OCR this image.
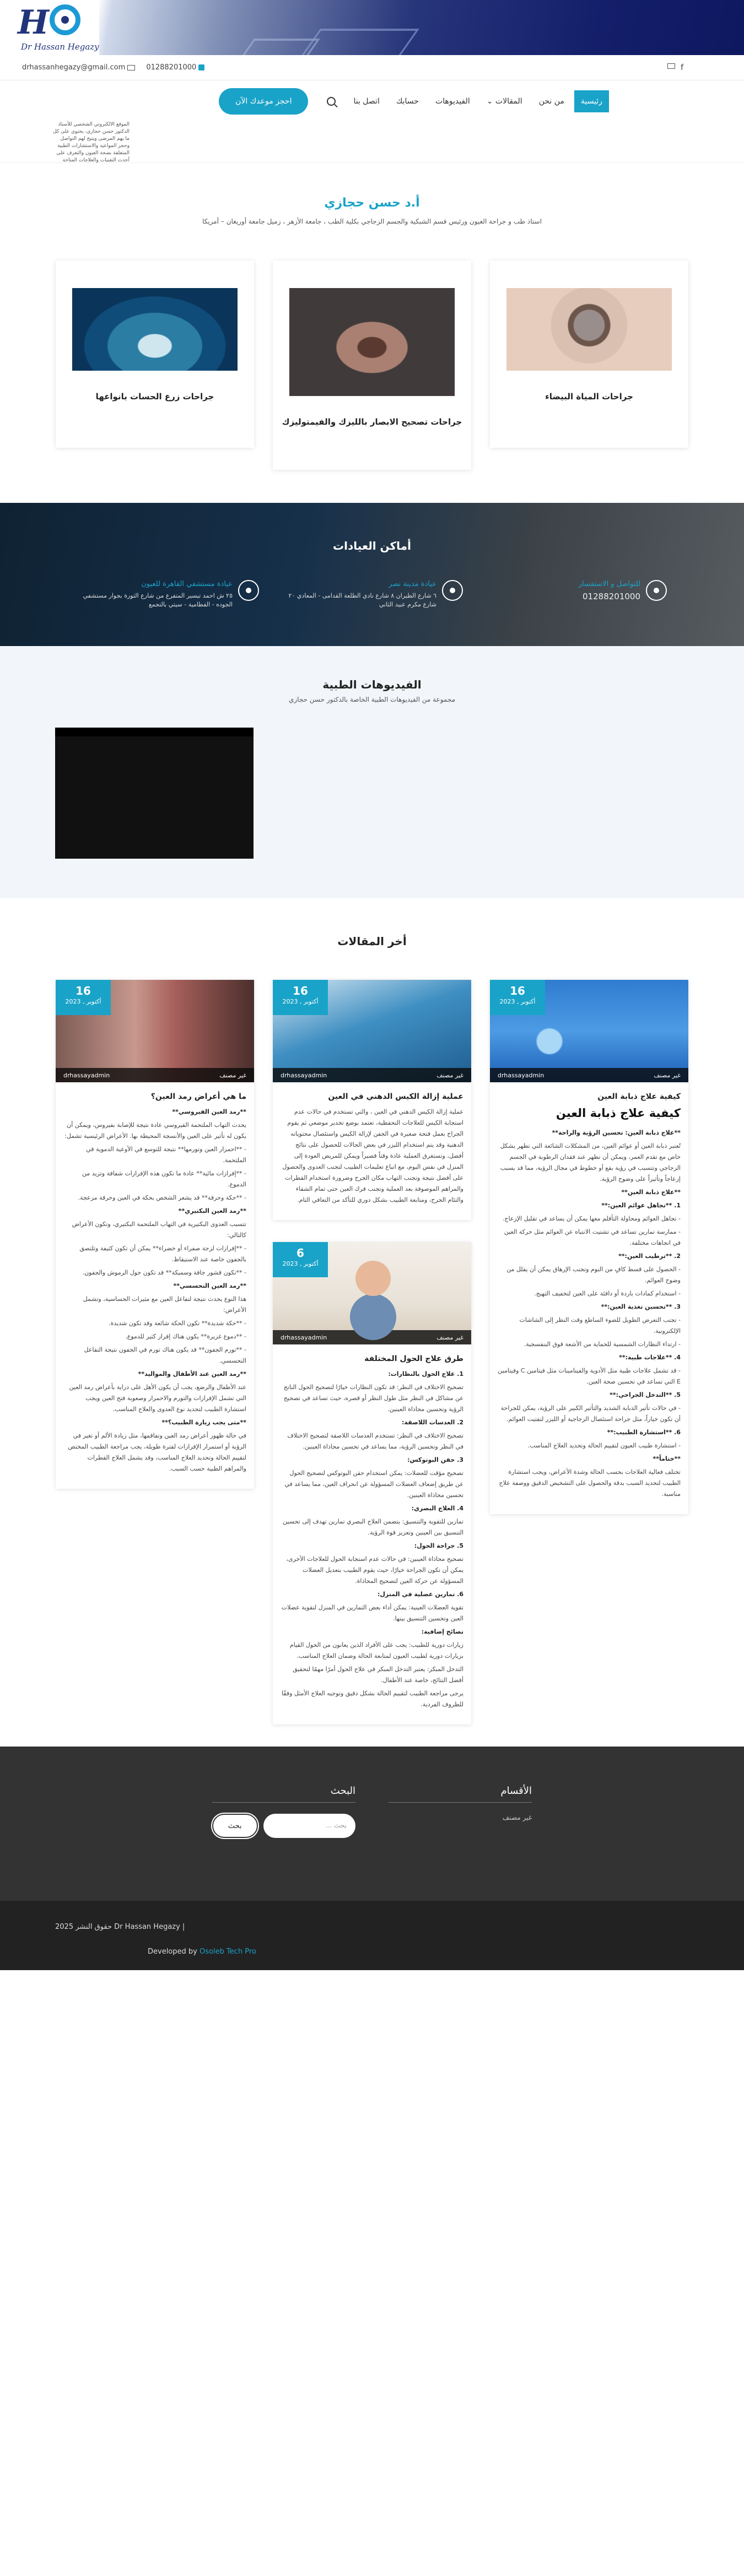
H
Dr Hassan Hegazy
drhassanhegazy@gmail.com	01288201000	f
رئيسية
من نحن
المقالات ⌄
الفيديوهات
حسابك
اتصل بنا
احجز موعدك الآن
الموقع الالكتروني الشخصي للأستاذ الدكتور حسن حجازي، يحتوي على كل ما يهم المرضى ويتيح لهم التواصل وحجز المواعيد والاستشارات الطبية المتعلقة بصحة العيون والتعرف على أحدث التقنيات والعلاجات المتاحة
أ.د حسن حجازي

استاذ طب و جراحة العيون ورئيس قسم الشبكية والجسم الزجاجي بكلية الطب ، جامعة الأزهر ، زميل جامعة أوريغان – أمريكا

جراحات المياة البيضاء
جراحات تصحيح الابصار بالليزك والفيمتوليزك
جراحات زرع الحسات بانواعها
أماكن العيادات
للتواصل و الاستفسار
01288201000
عيادة مدينة نصر
٦ شارع الطيران ٨ شارع نادي الطلعة القدامى - المعادي ٢٠ شارع مكرم عبيد الثاني
عيادة مستشفي القاهرة للعيون
٢٥ ش احمد تيسير المتفرع من شارع الثورة بجوار مستشفي الجوده - القطامية - سيتي بالتجمع
الفيديوهات الطبية

مجموعة من الفيديوهات الطبية الخاصة بالدكتور حسن حجازي

أخر المقالات
16
أكتوبر , 2023
غير مصنف
drhassayadmin
كيفية علاج ذبابة العين
كيفية علاج ذبابة العين

**علاج ذبابة العين: تحسين الرؤية والراحة**

تُعتبر ذبابة العين أو عوائم العين، من المشكلات الشائعة التي تظهر بشكل خاص مع تقدم العمر، ويمكن أن تظهر عند فقدان الرطوبة في الجسم الزجاجي وتتسبب في رؤية بقع أو خطوط في مجال الرؤية، مما قد يسبب إزعاجاً وتأثيراً على وضوح الرؤية.

**علاج ذبابة العين**

1. **تجاهل عوائم العين:**

- تجاهل العوائم ومحاولة التأقلم معها يمكن أن يساعد في تقليل الإزعاج.

- ممارسة تمارين تساعد في تشتيت الانتباه عن العوائم مثل حركة العين في اتجاهات مختلفة.

2. **ترطيب العين:**

- الحصول على قسط كافٍ من النوم وتجنب الإرهاق يمكن أن يقلل من وضوح العوائم.

- استخدام كمادات باردة أو دافئة على العين لتخفيف التهيج.

3. **تحسين تغذية العين:**

- تجنب التعرض الطويل للضوء الساطع وقت النظر إلى الشاشات الإلكترونية.

- ارتداء النظارات الشمسية للحماية من الأشعة فوق البنفسجية.

4. **علاجات طبية:**

- قد تشمل علاجات طبية مثل الأدوية والفيتامينات مثل فيتامين C وفيتامين E التي تساعد في تحسين صحة العين.

5. **التدخل الجراحي:**

- في حالات تأثير الذبابة الشديد والتأثير الكبير على الرؤية، يمكن للجراحة أن تكون خياراً، مثل جراحة استئصال الزجاجية أو الليزر لتفتيت العوائم.

6. **استشارة الطبيب:**

- استشارة طبيب العيون لتقييم الحالة وتحديد العلاج المناسب.

**ختاماً**

تختلف فعالية العلاجات بحسب الحالة وشدة الأعراض، ويجب استشارة الطبيب لتحديد السبب بدقة والحصول على التشخيص الدقيق ووصفة علاج مناسبة.

16
أكتوبر , 2023
غير مصنف
drhassayadmin
عملية إزالة الكيس الدهني في العين

عملية إزالة الكيس الدهني في العين ، والتي تستخدم في حالات عدم استجابة الكيس للعلاجات التحفظية، تعتمد بوضع تخدير موضعي ثم يقوم الجراح بعمل فتحة صغيرة في الجفن لإزالة الكيس واستئصال محتوياته الدهنية وقد يتم استخدام الليزر في بعض الحالات للحصول على نتائج أفضل، وتستغرق العملية عادة وقتاً قصيراً ويمكن للمريض العودة إلى المنزل في نفس اليوم، مع اتباع تعليمات الطبيب لتجنب العدوى والحصول على أفضل نتيجة وتجنب التهاب مكان الجرح وضرورة استخدام القطرات والمراهم الموصوفة بعد العملية وتجنب فرك العين حتى تمام الشفاء والتئام الجرح، ومتابعة الطبيب بشكل دوري للتأكد من التعافي التام.

6
أكتوبر , 2023
غير مصنف
drhassayadmin
طرق علاج الحول المختلفة

1. علاج الحول بالنظارات:

تصحيح الاختلاف في النظر: قد تكون النظارات خيارًا لتصحيح الحول الناتج عن مشاكل في النظر مثل طول النظر أو قصره، حيث تساعد في تصحيح الرؤية وتحسين محاذاة العينين.

2. العدسات اللاصقة:

تصحيح الاختلاف في النظر: تستخدم العدسات اللاصقة لتصحيح الاختلاف في النظر وتحسين الرؤية، مما يساعد في تحسين محاذاة العينين.

3. حقن البوتوكس:

تصحيح مؤقت للعضلات: يمكن استخدام حقن البوتوكس لتصحيح الحول عن طريق إضعاف العضلات المسؤولة عن انحراف العين، مما يساعد في تحسين محاذاة العينين.

4. العلاج البصري:

تمارين للتقوية والتنسيق: يتضمن العلاج البصري تمارين تهدف إلى تحسين التنسيق بين العينين وتعزيز قوة الرؤية.

5. جراحة الحول:

تصحيح محاذاة العينين: في حالات عدم استجابة الحول للعلاجات الأخرى، يمكن أن تكون الجراحة خيارًا، حيث يقوم الطبيب بتعديل العضلات المسؤولة عن حركة العين لتصحيح المحاذاة.

6. تمارين عضلية في المنزل:

تقوية العضلات العينية: يمكن أداء بعض التمارين في المنزل لتقوية عضلات العين وتحسين التنسيق بينها.

نصائح إضافية:

زيارات دورية للطبيب: يجب على الأفراد الذين يعانون من الحول القيام بزيارات دورية لطبيب العيون لمتابعة الحالة وضمان العلاج المناسب.

التدخل المبكر: يعتبر التدخل المبكر في علاج الحول أمرًا مهمًا لتحقيق أفضل النتائج، خاصة عند الأطفال.

يرجى مراجعة الطبيب لتقييم الحالة بشكل دقيق وتوجيه العلاج الأمثل وفقًا للظروف الفردية.

16
أكتوبر , 2023
غير مصنف
drhassayadmin
ما هي أعراض رمد العين؟

**رمد العين الفيروسي**

يحدث التهاب الملتحمة الفيروسي عادة نتيجة للإصابة بفيروس، ويمكن أن يكون له تأثير على العين والأنسجة المحيطة بها. الأعراض الرئيسية تشمل:

- **احمرار العين وتورمها** نتيجة للتوسع في الأوعية الدموية في الملتحمة.

- **إفرازات مائية** عادة ما تكون هذه الإفرازات شفافة وتزيد من الدموع.

- **حكة وحرقة** قد يشعر الشخص بحكة في العين وحرقة مزعجة.

**رمد العين البكتيري**

تتسبب العدوى البكتيرية في التهاب الملتحمة البكتيري، وتكون الأعراض كالتالي:

- **إفرازات لزجة صفراء أو خضراء** يمكن أن تكون كثيفة وتلتصق بالجفون خاصة عند الاستيقاظ.

- **تكون قشور جافة وسميكة** قد تكون حول الرموش والجفون.

**رمد العين التحسسي**

هذا النوع يحدث نتيجة لتفاعل العين مع مثيرات الحساسية، وتشمل الأعراض:

- **حكة شديدة** تكون الحكة شائعة وقد تكون شديدة.

- **دموع غزيرة** يكون هناك إفراز كثير للدموع.

- **تورم الجفون** قد يكون هناك تورم في الجفون نتيجة التفاعل التحسسي.

**رمد العين عند الأطفال والمواليد**

عند الأطفال والرضع، يجب أن يكون الأهل على دراية بأعراض رمد العين التي تشمل الإفرازات والتورم والاحمرار وصعوبة فتح العين ويجب استشارة الطبيب لتحديد نوع العدوى والعلاج المناسب.

**متى يجب زيارة الطبيب؟**

في حالة ظهور أعراض رمد العين وتفاقمها، مثل زيادة الألم أو تغير في الرؤية أو استمرار الإفرازات لفترة طويلة، يجب مراجعة الطبيب المختص لتقييم الحالة وتحديد العلاج المناسب، وقد يشمل العلاج القطرات والمراهم الطبية حسب السبب.

الأقسام
غير مصنف
البحث
بحث ...
بحث
حقوق النشر 2025 Dr Hassan Hegazy |
Developed by Osoleb Tech Pro
